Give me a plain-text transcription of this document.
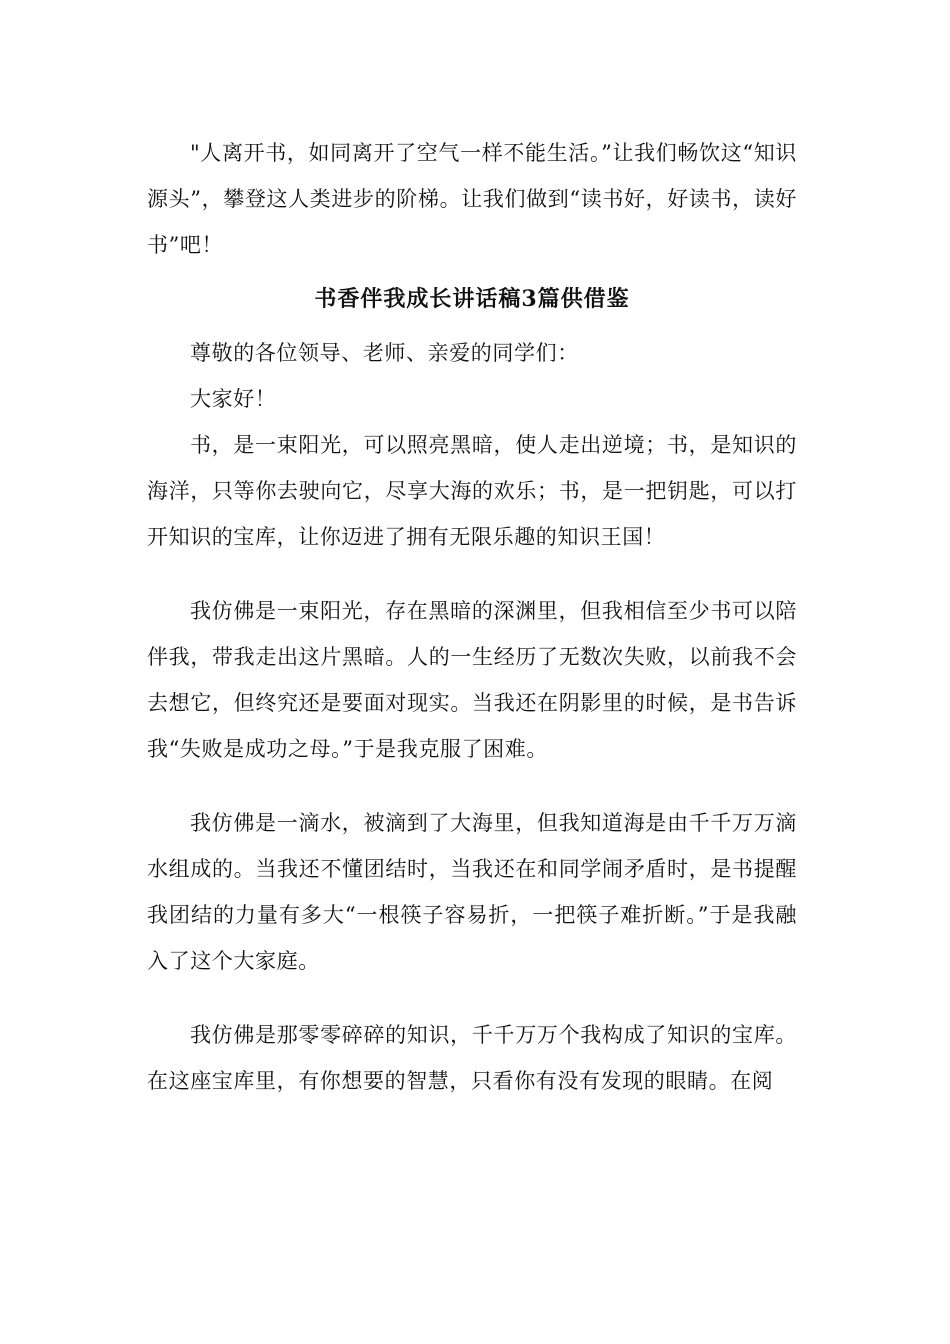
"人离开书，如同离开了空气一样不能生活。”让我们畅饮这“知识源头”，攀登这人类进步的阶梯。让我们做到“读书好，好读书，读好书”吧！

书香伴我成长讲话稿3篇供借鉴

尊敬的各位领导、老师、亲爱的同学们：

大家好！

书，是一束阳光，可以照亮黑暗，使人走出逆境；书，是知识的海洋，只等你去驶向它，尽享大海的欢乐；书，是一把钥匙，可以打开知识的宝库，让你迈进了拥有无限乐趣的知识王国！

我仿佛是一束阳光，存在黑暗的深渊里，但我相信至少书可以陪伴我，带我走出这片黑暗。人的一生经历了无数次失败，以前我不会去想它，但终究还是要面对现实。当我还在阴影里的时候，是书告诉我“失败是成功之母。”于是我克服了困难。

我仿佛是一滴水，被滴到了大海里，但我知道海是由千千万万滴水组成的。当我还不懂团结时，当我还在和同学闹矛盾时，是书提醒我团结的力量有多大“一根筷子容易折，一把筷子难折断。”于是我融入了这个大家庭。

我仿佛是那零零碎碎的知识，千千万万个我构成了知识的宝库。在这座宝库里，有你想要的智慧，只看你有没有发现的眼睛。在阅
